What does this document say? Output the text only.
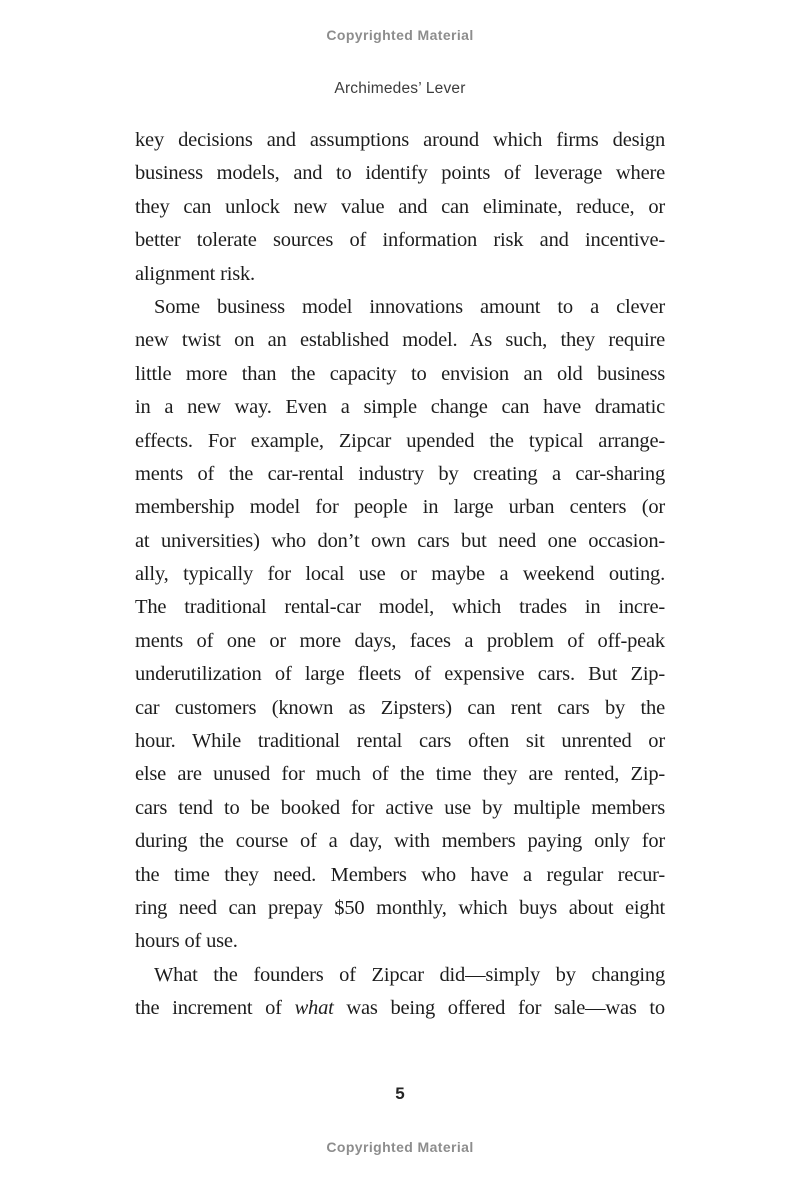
Copyrighted Material
Archimedes’ Lever
key decisions and assumptions around which firms design
business models, and to identify points of leverage where
they can unlock new value and can eliminate, reduce, or
better tolerate sources of information risk and incentive-
alignment risk.
Some business model innovations amount to a clever
new twist on an established model. As such, they require
little more than the capacity to envision an old business
in a new way. Even a simple change can have dramatic
effects. For example, Zipcar upended the typical arrange-
ments of the car-rental industry by creating a car-sharing
membership model for people in large urban centers (or
at universities) who don’t own cars but need one occasion-
ally, typically for local use or maybe a weekend outing.
The traditional rental-car model, which trades in incre-
ments of one or more days, faces a problem of off-peak
underutilization of large fleets of expensive cars. But Zip-
car customers (known as Zipsters) can rent cars by the
hour. While traditional rental cars often sit unrented or
else are unused for much of the time they are rented, Zip-
cars tend to be booked for active use by multiple members
during the course of a day, with members paying only for
the time they need. Members who have a regular recur-
ring need can prepay $50 monthly, which buys about eight
hours of use.
What the founders of Zipcar did—simply by changing
the increment of what was being offered for sale—was to
5
Copyrighted Material
